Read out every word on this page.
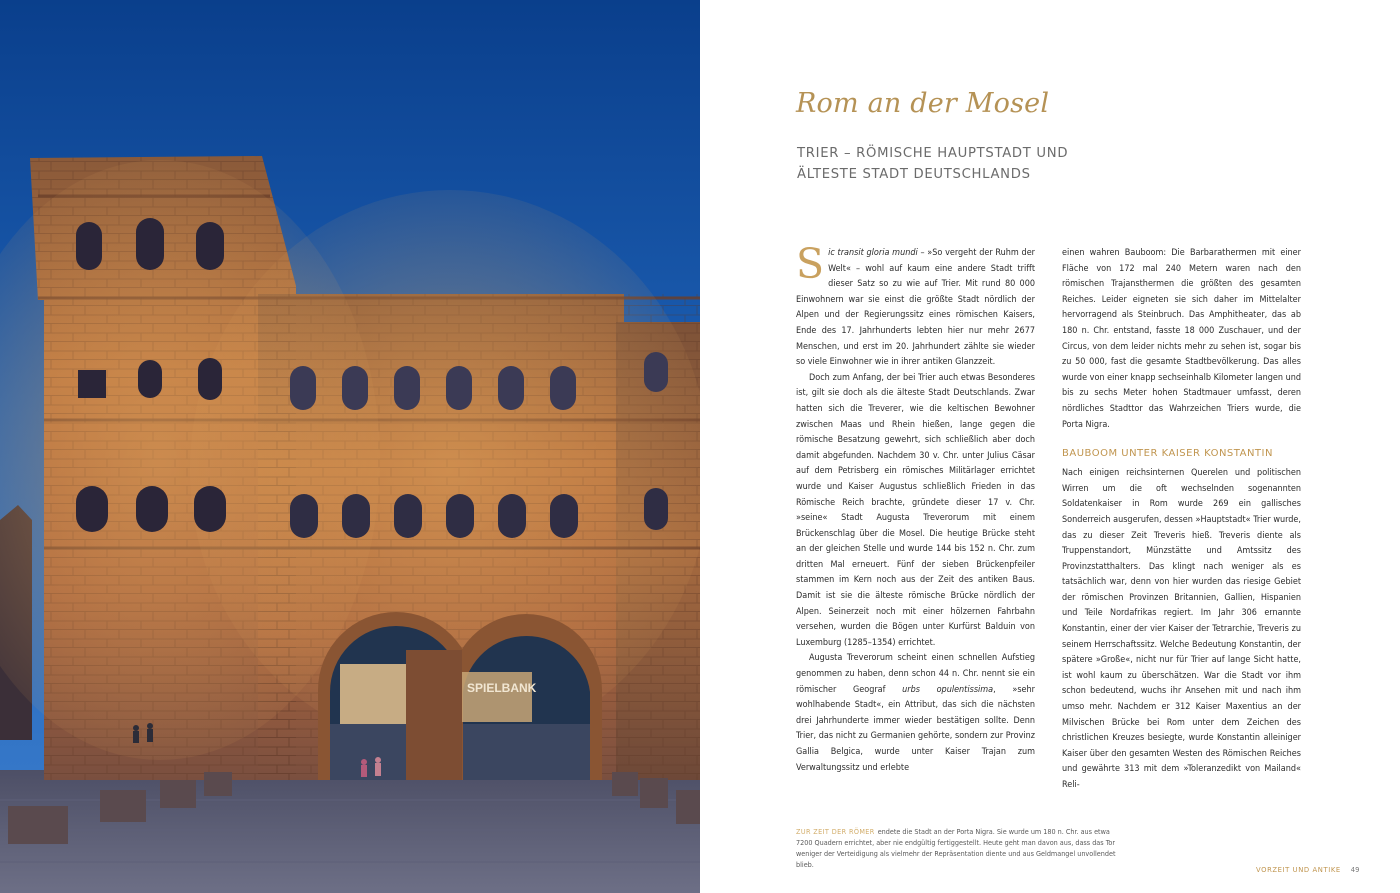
SPIELBANK
Rom an der Mosel
TRIER – RÖMISCHE HAUPTSTADT UND
ÄLTESTE STADT DEUTSCHLANDS

Sic transit gloria mundi – »So vergeht der Ruhm der Welt« – wohl auf kaum eine andere Stadt trifft dieser Satz so zu wie auf Trier. Mit rund 80 000 Einwohnern war sie einst die größte Stadt nördlich der Alpen und der Regierungssitz eines römischen Kaisers, Ende des 17. Jahrhunderts lebten hier nur mehr 2677 Menschen, und erst im 20. Jahrhundert zählte sie wieder so viele Einwohner wie in ihrer antiken Glanzzeit.

Doch zum Anfang, der bei Trier auch etwas Besonderes ist, gilt sie doch als die älteste Stadt Deutschlands. Zwar hatten sich die Treverer, wie die keltischen Bewohner zwischen Maas und Rhein hießen, lange gegen die römische Besatzung gewehrt, sich schließlich aber doch damit abgefunden. Nachdem 30 v. Chr. unter Julius Cäsar auf dem Petrisberg ein römisches Militärlager errichtet wurde und Kaiser Augustus schließlich Frieden in das Römische Reich brachte, gründete dieser 17 v. Chr. »seine« Stadt Augusta Treverorum mit einem Brückenschlag über die Mosel. Die heutige Brücke steht an der gleichen Stelle und wurde 144 bis 152 n. Chr. zum dritten Mal erneuert. Fünf der sieben Brückenpfeiler stammen im Kern noch aus der Zeit des antiken Baus. Damit ist sie die älteste römische Brücke nördlich der Alpen. Seinerzeit noch mit einer hölzernen Fahrbahn versehen, wurden die Bögen unter Kurfürst Balduin von Luxemburg (1285–1354) errichtet.

Augusta Treverorum scheint einen schnellen Aufstieg genommen zu haben, denn schon 44 n. Chr. nennt sie ein römischer Geograf urbs opulentissima, »sehr wohlhabende Stadt«, ein Attribut, das sich die nächsten drei Jahrhunderte immer wieder bestätigen sollte. Denn Trier, das nicht zu Germanien gehörte, sondern zur Provinz Gallia Belgica, wurde unter Kaiser Trajan zum Verwaltungssitz und erlebte

einen wahren Bauboom: Die Barbarathermen mit einer Fläche von 172 mal 240 Metern waren nach den römischen Trajansthermen die größten des gesamten Reiches. Leider eigneten sie sich daher im Mittelalter hervorragend als Steinbruch. Das Amphitheater, das ab 180 n. Chr. entstand, fasste 18 000 Zuschauer, und der Circus, von dem leider nichts mehr zu sehen ist, sogar bis zu 50 000, fast die gesamte Stadtbevölkerung. Das alles wurde von einer knapp sechseinhalb Kilometer langen und bis zu sechs Meter hohen Stadtmauer umfasst, deren nördliches Stadttor das Wahrzeichen Triers wurde, die Porta Nigra.

BAUBOOM UNTER KAISER KONSTANTIN

Nach einigen reichsinternen Querelen und politischen Wirren um die oft wechselnden sogenannten Soldatenkaiser in Rom wurde 269 ein gallisches Sonderreich ausgerufen, dessen »Hauptstadt« Trier wurde, das zu dieser Zeit Treveris hieß. Treveris diente als Truppenstandort, Münzstätte und Amtssitz des Provinzstatthalters. Das klingt nach weniger als es tatsächlich war, denn von hier wurden das riesige Gebiet der römischen Provinzen Britannien, Gallien, Hispanien und Teile Nordafrikas regiert. Im Jahr 306 ernannte Konstantin, einer der vier Kaiser der Tetrarchie, Treveris zu seinem Herrschaftssitz. Welche Bedeutung Konstantin, der spätere »Große«, nicht nur für Trier auf lange Sicht hatte, ist wohl kaum zu überschätzen. War die Stadt vor ihm schon bedeutend, wuchs ihr Ansehen mit und nach ihm umso mehr. Nachdem er 312 Kaiser Maxentius an der Milvischen Brücke bei Rom unter dem Zeichen des christlichen Kreuzes besiegte, wurde Konstantin alleiniger Kaiser über den gesamten Westen des Römischen Reiches und gewährte 313 mit dem »Toleranzedikt von Mailand« Reli-

ZUR ZEIT DER RÖMER endete die Stadt an der Porta Nigra. Sie wurde um 180 n. Chr. aus etwa 7200 Quadern errichtet, aber nie endgültig fertiggestellt. Heute geht man davon aus, dass das Tor weniger der Verteidigung als vielmehr der Repräsentation diente und aus Geldmangel unvollendet blieb.
VORZEIT UND ANTIKE 49
